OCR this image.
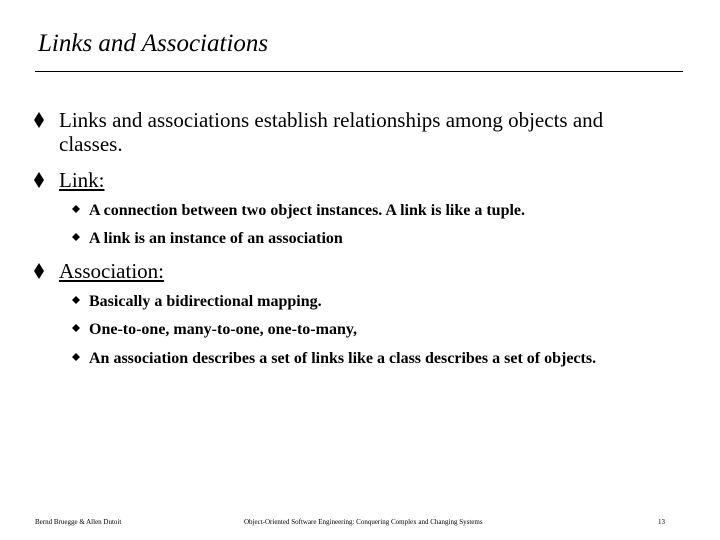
Links and Associations
Links and associations establish relationships among objects and classes.
Link:
A connection between two object instances. A link is like a tuple.
A link is an instance of an association
Association:
Basically a bidirectional mapping.
One-to-one, many-to-one, one-to-many,
An association describes a set of links like a class describes a set of objects.
Bernd Bruegge & Allen Dutoit	Object-Oriented Software Engineering: Conquering Complex and Changing Systems	13
